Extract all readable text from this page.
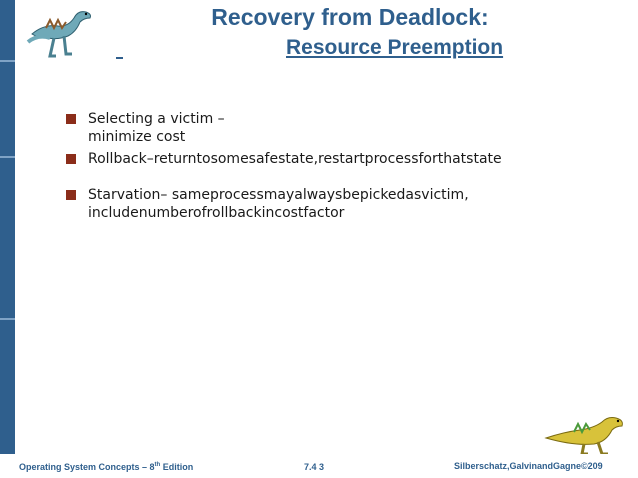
Recovery from Deadlock:
Resource Preemption
Selecting a victim –
minimize cost
Rollback–returntosomesafestate,restartprocessforthatstate
Starvation– sameprocessmayalwaysbepickedasvictim,
includenumberofrollbackincostfactor
Operating System Concepts – 8th Edition	7.4 3	Silberschatz,GalvinandGagne©209
